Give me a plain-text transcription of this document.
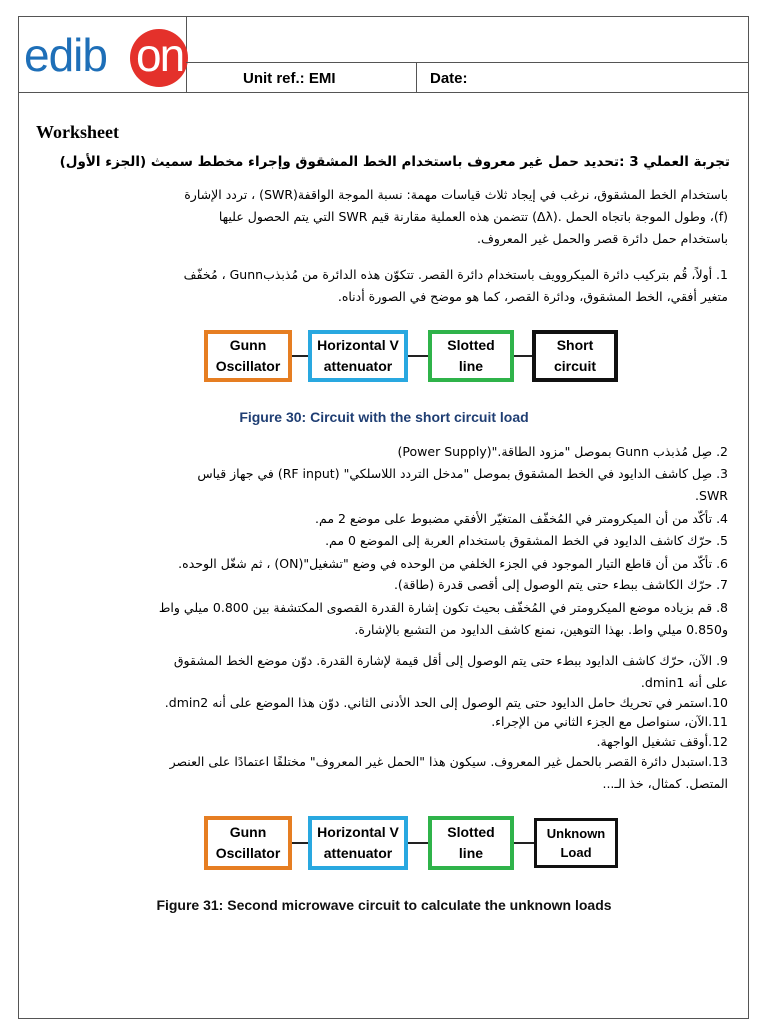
edib on	Unit ref.: EMI	Date:
Worksheet
تجربة العملي 3 :تحديد حمل غير معروف باستخدام الخط المشقوق وإجراء مخطط سميث (الجزء الأول)
باستخدام الخط المشقوق، نرغب في إيجاد ثلاث قياسات مهمة: نسبة الموجة الواقفة(SWR) ، تردد الإشارة
(f)، وطول الموجة باتجاه الحمل .(Δλ) تتضمن هذه العملية مقارنة قيم SWR التي يتم الحصول عليها
باستخدام حمل دائرة قصر والحمل غير المعروف.
1. أولاً، قُم بتركيب دائرة الميكروويف باستخدام دائرة القصر. تتكوّن هذه الدائرة من مُذبذبGunn ، مُخفّف
متغير أفقي، الخط المشقوق، ودائرة القصر، كما هو موضح في الصورة أدناه.
Gunn
Oscillator
Horizontal V
attenuator
Slotted
line
Short
circuit
Figure 30: Circuit with the short circuit load
2. صِل مُذبذب Gunn بموصل "مزود الطاقة."(Power Supply)
3. صِل كاشف الدايود في الخط المشقوق بموصل "مدخل التردد اللاسلكي" (RF input) في جهاز قياس
SWR.
4. تأكّد من أن الميكرومتر في المُخفّف المتغيّر الأفقي مضبوط على موضع 2 مم.
5. حرّك كاشف الدايود في الخط المشقوق باستخدام العربة إلى الموضع 0 مم.
6. تأكّد من أن قاطع التيار الموجود في الجزء الخلفي من الوحده في وضع "تشغيل"(ON) ، ثم شغّل الوحده.
7. حرّك الكاشف ببطء حتى يتم الوصول إلى أقصى قدرة (طاقة).
8. قم بزياده موضع الميكرومتر في المُخفّف بحيث تكون إشارة القدرة القصوى المكتشفة بين 0.800 ميلي واط
و0.850 ميلي واط. بهذا التوهين، نمنع كاشف الدايود من التشبع بالإشارة.
9. الآن، حرّك كاشف الدايود ببطء حتى يتم الوصول إلى أقل قيمة لإشارة القدرة. دوّن موضع الخط المشقوق
على أنه dmin1.
10.استمر في تحريك حامل الدايود حتى يتم الوصول إلى الحد الأدنى الثاني. دوّن هذا الموضع على أنه dmin2.
11.الآن، سنواصل مع الجزء الثاني من الإجراء.
12.أوقف تشغيل الواجهة.
13.استبدل دائرة القصر بالحمل غير المعروف. سيكون هذا "الحمل غير المعروف" مختلفًا اعتمادًا على العنصر
المتصل. كمثال، خذ الـ...
Gunn
Oscillator
Horizontal V
attenuator
Slotted
line
Unknown
Load
Figure 31: Second microwave circuit to calculate the unknown loads
